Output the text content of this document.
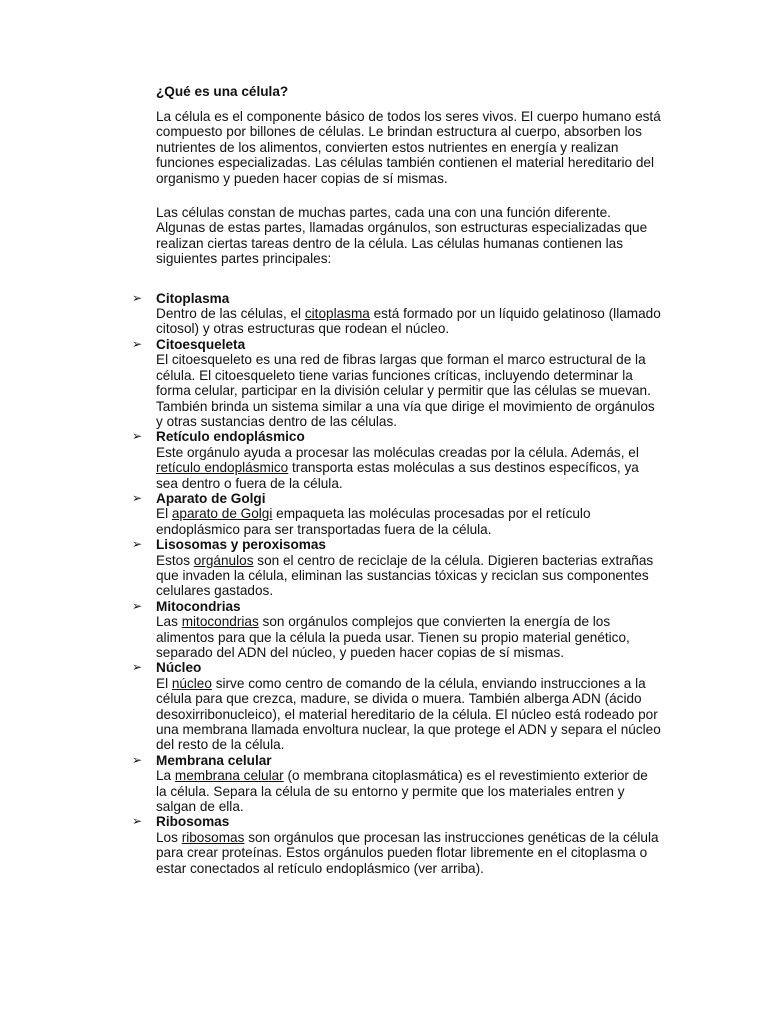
¿Qué es una célula?

La célula es el componente básico de todos los seres vivos. El cuerpo humano está compuesto por billones de células. Le brindan estructura al cuerpo, absorben los nutrientes de los alimentos, convierten estos nutrientes en energía y realizan funciones especializadas. Las células también contienen el material hereditario del organismo y pueden hacer copias de sí mismas.

Las células constan de muchas partes, cada una con una función diferente. Algunas de estas partes, llamadas orgánulos, son estructuras especializadas que realizan ciertas tareas dentro de la célula. Las células humanas contienen las siguientes partes principales:

➢ Citoplasma
Dentro de las células, el citoplasma está formado por un líquido gelatinoso (llamado citosol) y otras estructuras que rodean el núcleo.
➢ Citoesqueleta
El citoesqueleto es una red de fibras largas que forman el marco estructural de la célula. El citoesqueleto tiene varias funciones críticas, incluyendo determinar la forma celular, participar en la división celular y permitir que las células se muevan. También brinda un sistema similar a una vía que dirige el movimiento de orgánulos y otras sustancias dentro de las células.
➢ Retículo endoplásmico
Este orgánulo ayuda a procesar las moléculas creadas por la célula. Además, el retículo endoplásmico transporta estas moléculas a sus destinos específicos, ya sea dentro o fuera de la célula.
➢ Aparato de Golgi
El aparato de Golgi empaqueta las moléculas procesadas por el retículo endoplásmico para ser transportadas fuera de la célula.
➢ Lisosomas y peroxisomas
Estos orgánulos son el centro de reciclaje de la célula. Digieren bacterias extrañas que invaden la célula, eliminan las sustancias tóxicas y reciclan sus componentes celulares gastados.
➢ Mitocondrias
Las mitocondrias son orgánulos complejos que convierten la energía de los alimentos para que la célula la pueda usar. Tienen su propio material genético, separado del ADN del núcleo, y pueden hacer copias de sí mismas.
➢ Núcleo
El núcleo sirve como centro de comando de la célula, enviando instrucciones a la célula para que crezca, madure, se divida o muera. También alberga ADN (ácido desoxirribonucleico), el material hereditario de la célula. El núcleo está rodeado por una membrana llamada envoltura nuclear, la que protege el ADN y separa el núcleo del resto de la célula.
➢ Membrana celular
La membrana celular (o membrana citoplasmática) es el revestimiento exterior de la célula. Separa la célula de su entorno y permite que los materiales entren y salgan de ella.
➢ Ribosomas
Los ribosomas son orgánulos que procesan las instrucciones genéticas de la célula para crear proteínas. Estos orgánulos pueden flotar libremente en el citoplasma o estar conectados al retículo endoplásmico (ver arriba).
